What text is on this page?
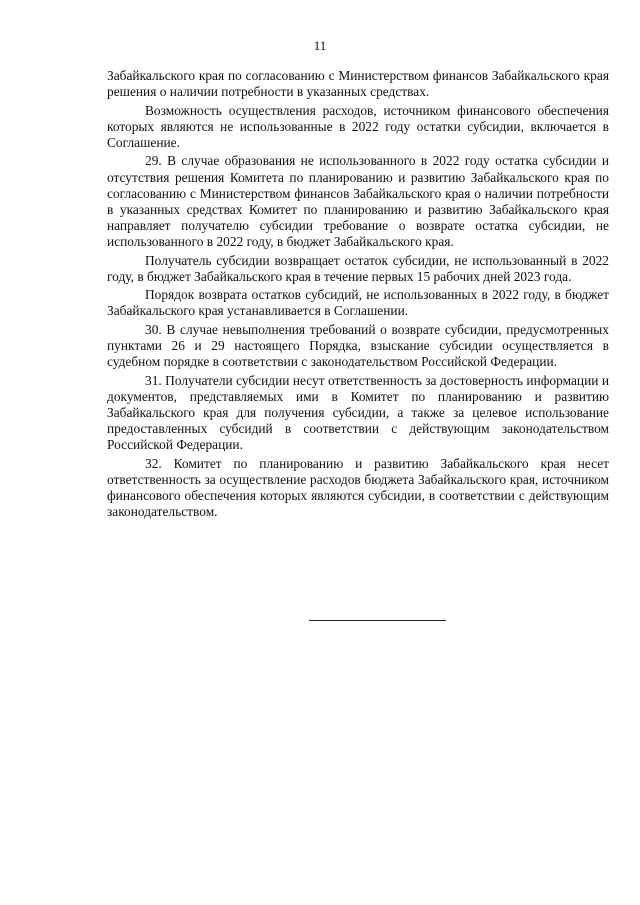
11

Забайкальского края по согласованию с Министерством финансов Забайкальского края решения о наличии потребности в указанных средствах.

Возможность осуществления расходов, источником финансового обеспечения которых являются не использованные в 2022 году остатки субсидии, включается в Соглашение.

29. В случае образования не использованного в 2022 году остатка субсидии и отсутствия решения Комитета по планированию и развитию Забайкальского края по согласованию с Министерством финансов Забайкальского края о наличии потребности в указанных средствах Комитет по планированию и развитию Забайкальского края направляет получателю субсидии требование о возврате остатка субсидии, не использованного в 2022 году, в бюджет Забайкальского края.

Получатель субсидии возвращает остаток субсидии, не использованный в 2022 году, в бюджет Забайкальского края в течение первых 15 рабочих дней 2023 года.

Порядок возврата остатков субсидий, не использованных в 2022 году, в бюджет Забайкальского края устанавливается в Соглашении.

30. В случае невыполнения требований о возврате субсидии, предусмотренных пунктами 26 и 29 настоящего Порядка, взыскание субсидии осуществляется в судебном порядке в соответствии с законодательством Российской Федерации.

31. Получатели субсидии несут ответственность за достоверность информации и документов, представляемых ими в Комитет по планированию и развитию Забайкальского края для получения субсидии, а также за целевое использование предоставленных субсидий в соответствии с действующим законодательством Российской Федерации.

32. Комитет по планированию и развитию Забайкальского края несет ответственность за осуществление расходов бюджета Забайкальского края, источником финансового обеспечения которых являются субсидии, в соответствии с действующим законодательством.
